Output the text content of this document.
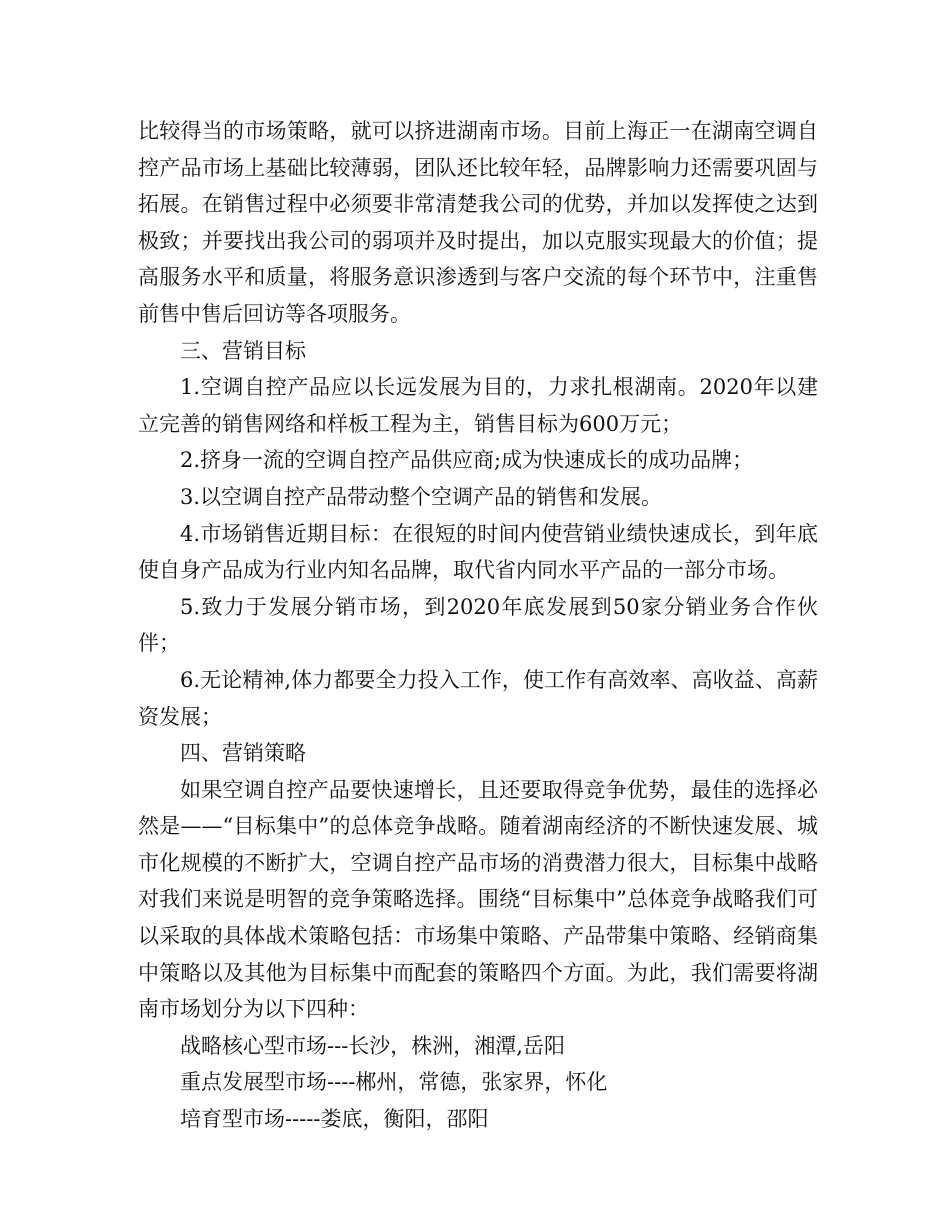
比较得当的市场策略，就可以挤进湖南市场。目前上海正一在湖南空调自控产品市场上基础比较薄弱，团队还比较年轻，品牌影响力还需要巩固与拓展。在销售过程中必须要非常清楚我公司的优势，并加以发挥使之达到极致；并要找出我公司的弱项并及时提出，加以克服实现最大的价值；提高服务水平和质量，将服务意识渗透到与客户交流的每个环节中，注重售前售中售后回访等各项服务。

三、营销目标

1.空调自控产品应以长远发展为目的，力求扎根湖南。2020年以建立完善的销售网络和样板工程为主，销售目标为600万元；

2.挤身一流的空调自控产品供应商;成为快速成长的成功品牌；

3.以空调自控产品带动整个空调产品的销售和发展。

4.市场销售近期目标：在很短的时间内使营销业绩快速成长，到年底使自身产品成为行业内知名品牌，取代省内同水平产品的一部分市场。

5.致力于发展分销市场，到2020年底发展到50家分销业务合作伙伴；

6.无论精神,体力都要全力投入工作，使工作有高效率、高收益、高薪资发展；

四、营销策略

如果空调自控产品要快速增长，且还要取得竞争优势，最佳的选择必然是——“目标集中”的总体竞争战略。随着湖南经济的不断快速发展、城市化规模的不断扩大，空调自控产品市场的消费潜力很大，目标集中战略对我们来说是明智的竞争策略选择。围绕“目标集中”总体竞争战略我们可以采取的具体战术策略包括：市场集中策略、产品带集中策略、经销商集中策略以及其他为目标集中而配套的策略四个方面。为此，我们需要将湖南市场划分为以下四种：

战略核心型市场---长沙，株洲，湘潭,岳阳

重点发展型市场----郴州，常德，张家界，怀化

培育型市场-----娄底，衡阳，邵阳
